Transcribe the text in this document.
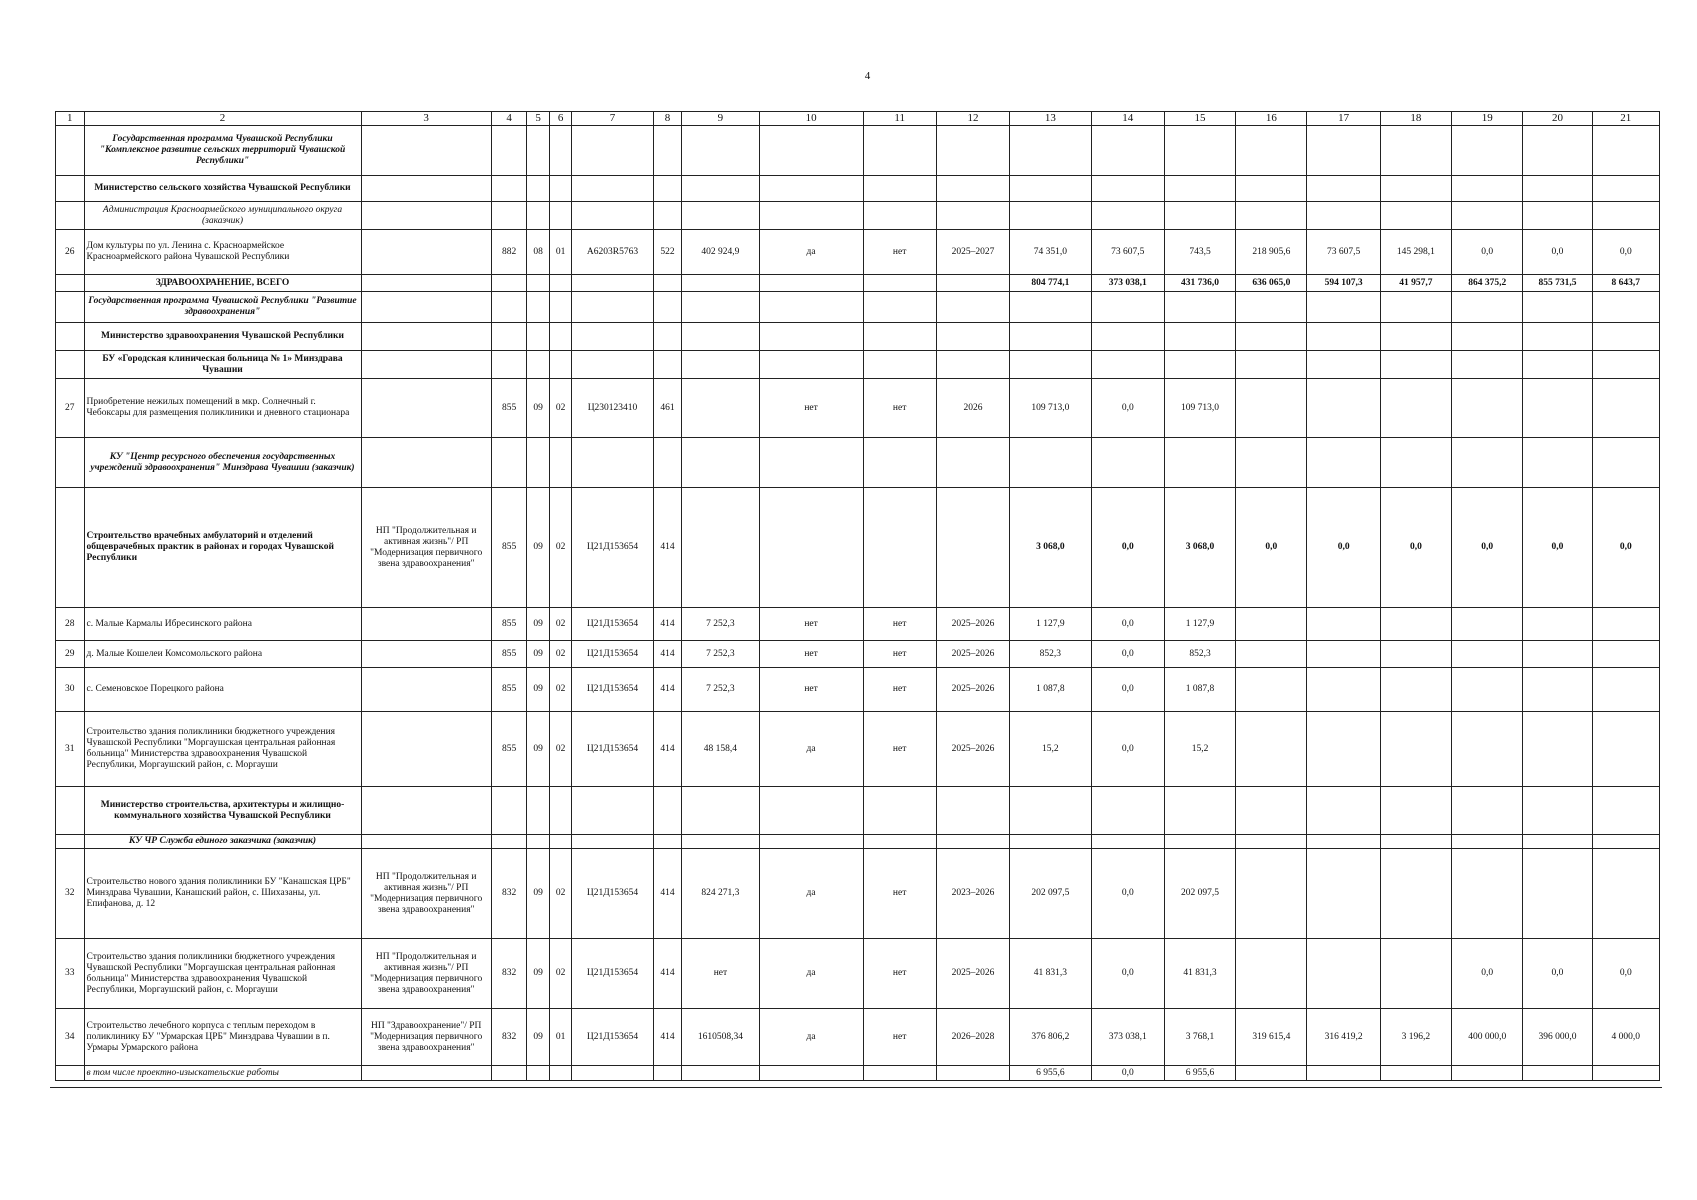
4
1	2	3	4	5	6	7	8	9	10	11	12	13	14	15	16	17	18	19	20	21
	Государственная программа Чувашской Республики "Комплексное развитие сельских территорий Чувашской Республики"																			
	Министерство сельского хозяйства Чувашской Республики																			
	Администрация Красноармейского муниципального округа (заказчик)																			
26	Дом культуры по ул. Ленина с. Красноармейское Красноармейского района Чувашской Республики		882	08	01	А6203R5763	522	402 924,9	да	нет	2025–2027	74 351,0	73 607,5	743,5	218 905,6	73 607,5	145 298,1	0,0	0,0	0,0
	ЗДРАВООХРАНЕНИЕ, ВСЕГО											804 774,1	373 038,1	431 736,0	636 065,0	594 107,3	41 957,7	864 375,2	855 731,5	8 643,7
	Государственная программа Чувашской Республики "Развитие здравоохранения"																			
	Министерство здравоохранения Чувашской Республики																			
	БУ «Городская клиническая больница № 1» Минздрава Чувашии																			
27	Приобретение нежилых помещений в мкр. Солнечный г. Чебоксары для размещения поликлиники и дневного стационара		855	09	02	Ц230123410	461		нет	нет	2026	109 713,0	0,0	109 713,0						
	КУ "Центр ресурсного обеспечения государственных учреждений здравоохранения" Минздрава Чувашии (заказчик)																			
	Строительство врачебных амбулаторий и отделений общеврачебных практик в районах и городах Чувашской Республики	НП "Продолжительная и активная жизнь"/ РП "Модернизация первичного звена здравоохранения"	855	09	02	Ц21Д153654	414					3 068,0	0,0	3 068,0	0,0	0,0	0,0	0,0	0,0	0,0
28	с. Малые Кармалы Ибресинского района		855	09	02	Ц21Д153654	414	7 252,3	нет	нет	2025–2026	1 127,9	0,0	1 127,9						
29	д. Малые Кошелеи Комсомольского района		855	09	02	Ц21Д153654	414	7 252,3	нет	нет	2025–2026	852,3	0,0	852,3						
30	с. Семеновское Порецкого района		855	09	02	Ц21Д153654	414	7 252,3	нет	нет	2025–2026	1 087,8	0,0	1 087,8						
31	Строительство здания поликлиники бюджетного учреждения Чувашской Республики "Моргаушская центральная районная больница" Министерства здравоохранения Чувашской Республики, Моргаушский район, с. Моргауши		855	09	02	Ц21Д153654	414	48 158,4	да	нет	2025–2026	15,2	0,0	15,2						
	Министерство строительства, архитектуры и жилищно-коммунального хозяйства Чувашской Республики																			
	КУ ЧР Служба единого заказчика (заказчик)																			
32	Строительство нового здания поликлиники БУ "Канашская ЦРБ" Минздрава Чувашии, Канашский район, с. Шихазаны, ул. Епифанова, д. 12	НП "Продолжительная и активная жизнь"/ РП "Модернизация первичного звена здравоохранения"	832	09	02	Ц21Д153654	414	824 271,3	да	нет	2023–2026	202 097,5	0,0	202 097,5						
33	Строительство здания поликлиники бюджетного учреждения Чувашской Республики "Моргаушская центральная районная больница" Министерства здравоохранения Чувашской Республики, Моргаушский район, с. Моргауши	НП "Продолжительная и активная жизнь"/ РП "Модернизация первичного звена здравоохранения"	832	09	02	Ц21Д153654	414	нет	да	нет	2025–2026	41 831,3	0,0	41 831,3				0,0	0,0	0,0
34	Строительство лечебного корпуса с теплым переходом в поликлинику БУ "Урмарская ЦРБ" Минздрава Чувашии в п. Урмары Урмарского района	НП "Здравоохранение"/ РП "Модернизация первичного звена здравоохранения"	832	09	01	Ц21Д153654	414	1610508,34	да	нет	2026–2028	376 806,2	373 038,1	3 768,1	319 615,4	316 419,2	3 196,2	400 000,0	396 000,0	4 000,0
	в том числе проектно-изыскательские работы											6 955,6	0,0	6 955,6						
